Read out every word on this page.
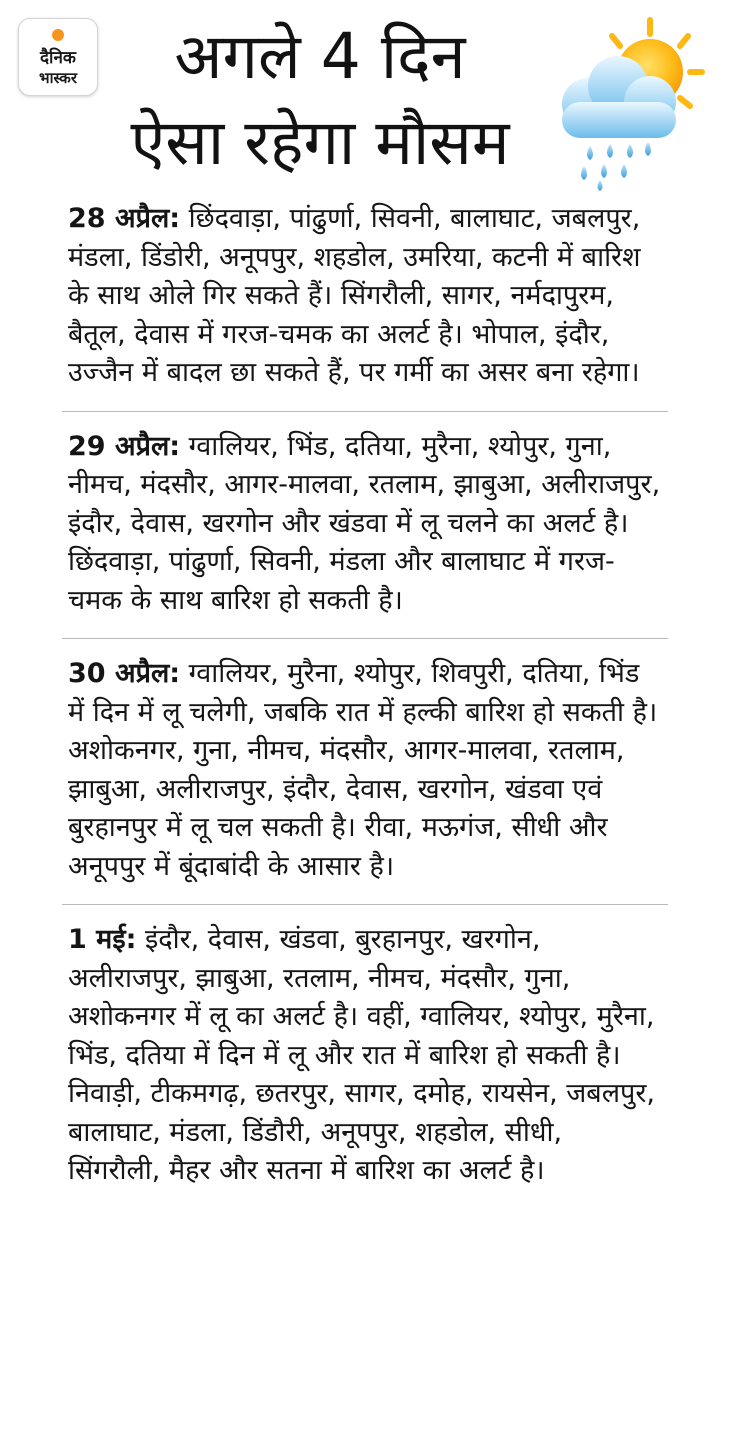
दैनिक
भास्कर	अगले 4 दिन
ऐसा रहेगा मौसम

28 अप्रैल: छिंदवाड़ा, पांढुर्णा, सिवनी, बालाघाट, जबलपुर, मंडला, डिंडोरी, अनूपपुर, शहडोल, उमरिया, कटनी में बारिश के साथ ओले गिर सकते हैं। सिंगरौली, सागर, नर्मदापुरम, बैतूल, देवास में गरज-चमक का अलर्ट है। भोपाल, इंदौर, उज्जैन में बादल छा सकते हैं, पर गर्मी का असर बना रहेगा।

29 अप्रैल: ग्वालियर, भिंड, दतिया, मुरैना, श्योपुर, गुना, नीमच, मंदसौर, आगर-मालवा, रतलाम, झाबुआ, अलीराजपुर, इंदौर, देवास, खरगोन और खंडवा में लू चलने का अलर्ट है। छिंदवाड़ा, पांढुर्णा, सिवनी, मंडला और बालाघाट में गरज-चमक के साथ बारिश हो सकती है।

30 अप्रैल: ग्वालियर, मुरैना, श्योपुर, शिवपुरी, दतिया, भिंड में दिन में लू चलेगी, जबकि रात में हल्की बारिश हो सकती है। अशोकनगर, गुना, नीमच, मंदसौर, आगर-मालवा, रतलाम, झाबुआ, अलीराजपुर, इंदौर, देवास, खरगोन, खंडवा एवं बुरहानपुर में लू चल सकती है। रीवा, मऊगंज, सीधी और अनूपपुर में बूंदाबांदी के आसार है।

1 मई: इंदौर, देवास, खंडवा, बुरहानपुर, खरगोन, अलीराजपुर, झाबुआ, रतलाम, नीमच, मंदसौर, गुना, अशोकनगर में लू का अलर्ट है। वहीं, ग्वालियर, श्योपुर, मुरैना, भिंड, दतिया में दिन में लू और रात में बारिश हो सकती है। निवाड़ी, टीकमगढ़, छतरपुर, सागर, दमोह, रायसेन, जबलपुर, बालाघाट, मंडला, डिंडौरी, अनूपपुर, शहडोल, सीधी, सिंगरौली, मैहर और सतना में बारिश का अलर्ट है।
